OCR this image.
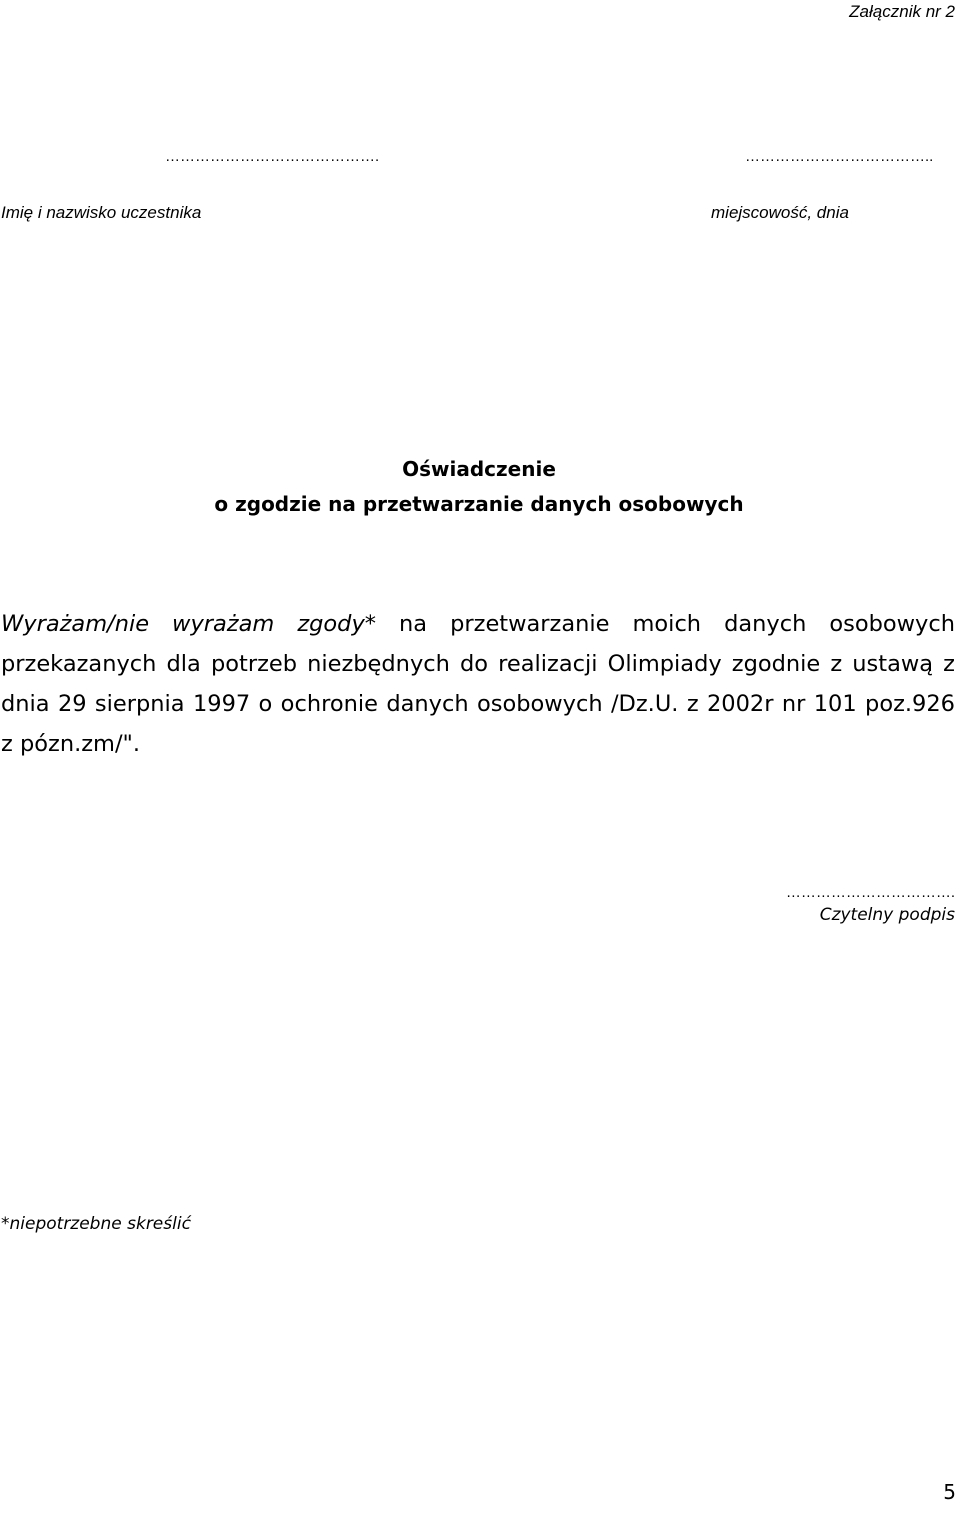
Załącznik nr 2
…………………………………….	………………………………..
Imię i nazwisko uczestnika	miejscowość, dnia
Oświadczenie
o zgodzie na przetwarzanie danych osobowych
Wyrażam/nie wyrażam zgody* na przetwarzanie moich danych osobowych przekazanych dla potrzeb niezbędnych do realizacji Olimpiady zgodnie z ustawą z dnia 29 sierpnia 1997 o ochronie danych osobowych /Dz.U. z 2002r nr 101 poz.926 z pózn.zm/".
…………………………….
Czytelny podpis
*niepotrzebne skreślić
5
